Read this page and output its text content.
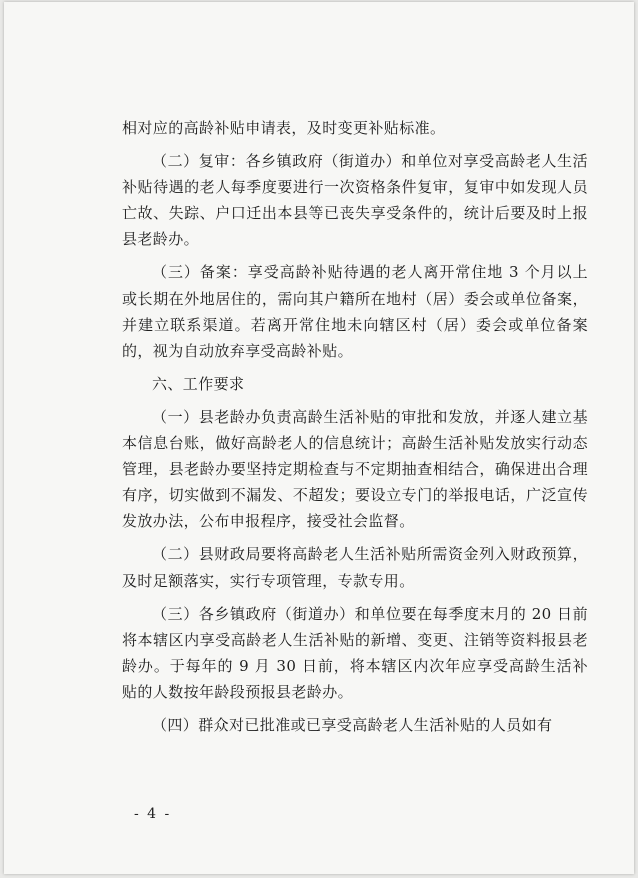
相对应的高龄补贴申请表，及时变更补贴标准。

（二）复审：各乡镇政府（街道办）和单位对享受高龄老人生活补贴待遇的老人每季度要进行一次资格条件复审，复审中如发现人员亡故、失踪、户口迁出本县等已丧失享受条件的，统计后要及时上报县老龄办。

（三）备案：享受高龄补贴待遇的老人离开常住地 3 个月以上或长期在外地居住的，需向其户籍所在地村（居）委会或单位备案，并建立联系渠道。若离开常住地未向辖区村（居）委会或单位备案的，视为自动放弃享受高龄补贴。

六、工作要求

（一）县老龄办负责高龄生活补贴的审批和发放，并逐人建立基本信息台账，做好高龄老人的信息统计；高龄生活补贴发放实行动态管理，县老龄办要坚持定期检查与不定期抽查相结合，确保进出合理有序，切实做到不漏发、不超发；要设立专门的举报电话，广泛宣传发放办法，公布申报程序，接受社会监督。

（二）县财政局要将高龄老人生活补贴所需资金列入财政预算，及时足额落实，实行专项管理，专款专用。

（三）各乡镇政府（街道办）和单位要在每季度末月的 20 日前将本辖区内享受高龄老人生活补贴的新增、变更、注销等资料报县老龄办。于每年的 9 月 30 日前，将本辖区内次年应享受高龄生活补贴的人数按年龄段预报县老龄办。

（四）群众对已批准或已享受高龄老人生活补贴的人员如有

- 4 -
